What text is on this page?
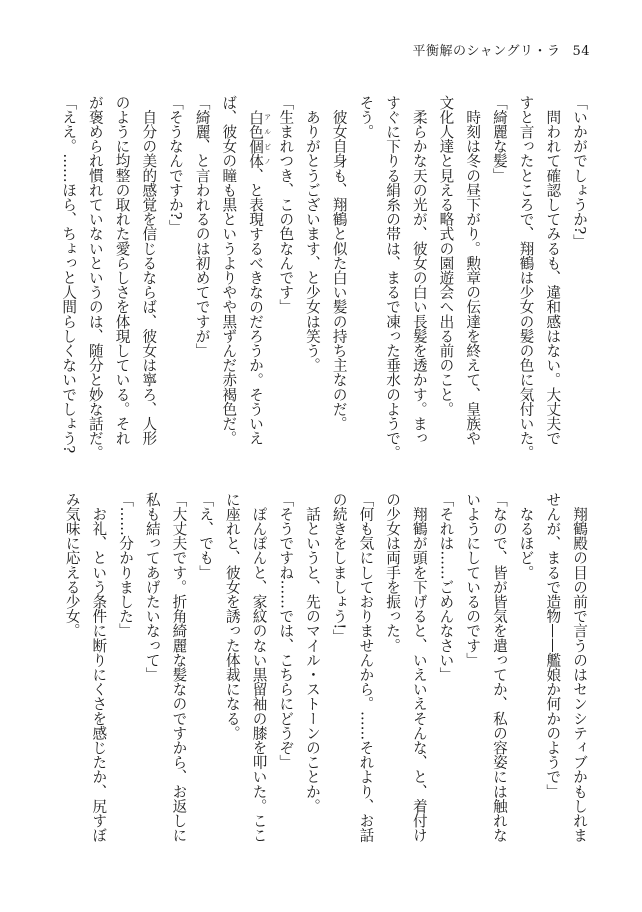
平衡解のシャングリ・ラ 54
「いかがでしょうか?」
　問われて確認してみるも、違和感はない。大丈夫で
すと言ったところで、翔鶴は少女の髪の色に気付いた。
「綺麗な髪」
　時刻は冬の昼下がり。勲章の伝達を終えて、皇族や
文化人達と見える略式の園遊会へ出る前のこと。
　柔らかな天の光が、彼女の白い長髪を透かす。まっ
すぐに下りる絹糸の帯は、まるで凍った垂水のようで。
そう。
　彼女自身も、翔鶴と似た白い髪の持ち主なのだ。
　ありがとうございます、と少女は笑う。
「生まれつき、この色なんです」
　白色個体 アルビノ、と表現するべきなのだろうか。そういえ
ば、彼女の瞳も黒というよりやや黒ずんだ赤褐色だ。
「綺麗、と言われるのは初めてですが」
「そうなんですか?」
　自分の美的感覚を信じるならば、彼女は寧ろ、人形
のように均整の取れた愛らしさを体現している。それ
が褒められ慣れていないというのは、随分と妙な話だ。
「ええ。……ほら、ちょっと人間らしくないでしょう?
　翔鶴殿の目の前で言うのはセンシティブかもしれま
せんが、まるで造物——艦娘か何かのようで」
　なるほど。
「なので、皆が皆気を遣ってか、私の容姿には触れな
いようにしているのです」
「それは……ごめんなさい」
　翔鶴が頭を下げると、いえいえそんな、と、着付け
の少女は両手を振った。
「何も気にしておりませんから。……それより、お話
の続きをしましょう!」
　話というと、先のマイル・ストーンのことか。
「そうですね……では、こちらにどうぞ」
　ぽんぽんと、家紋のない黒留袖の膝を叩いた。ここ
に座れと、彼女を誘った体裁になる。
「え、でも」
「大丈夫です。折角綺麗な髪なのですから、お返しに
私も結ってあげたいなって」
「……分かりました」
　お礼、という条件に断りにくさを感じたか、尻すぼ
み気味に応える少女。
